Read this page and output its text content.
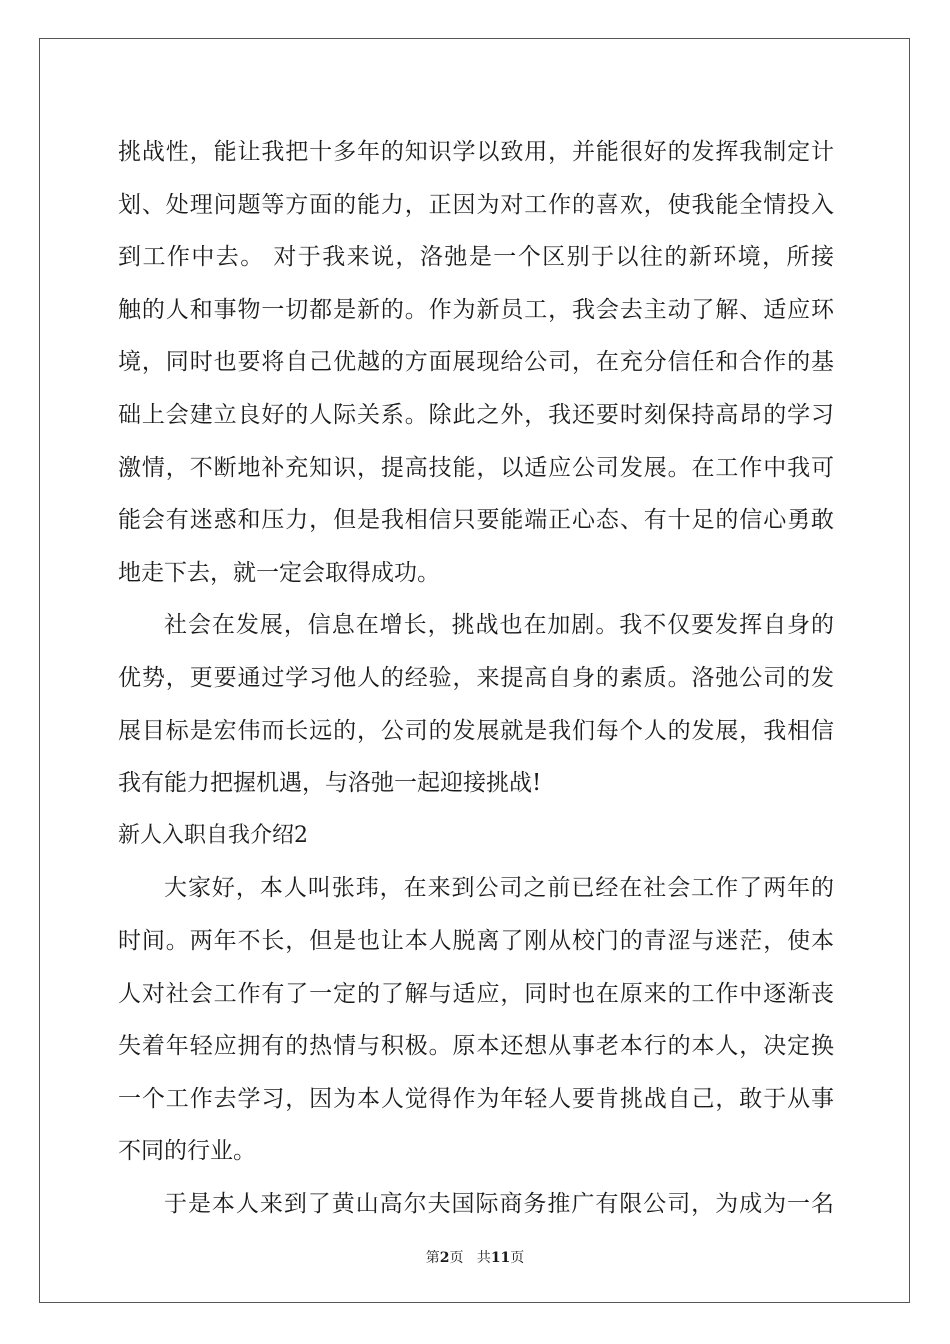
挑战性，能让我把十多年的知识学以致用，并能很好的发挥我制定计
划、处理问题等方面的能力，正因为对工作的喜欢，使我能全情投入
到工作中去。 对于我来说，洛弛是一个区别于以往的新环境，所接
触的人和事物一切都是新的。作为新员工，我会去主动了解、适应环
境，同时也要将自己优越的方面展现给公司，在充分信任和合作的基
础上会建立良好的人际关系。除此之外，我还要时刻保持高昂的学习
激情，不断地补充知识，提高技能，以适应公司发展。在工作中我可
能会有迷惑和压力，但是我相信只要能端正心态、有十足的信心勇敢
地走下去，就一定会取得成功。
社会在发展，信息在增长，挑战也在加剧。我不仅要发挥自身的
优势，更要通过学习他人的经验，来提高自身的素质。洛弛公司的发
展目标是宏伟而长远的，公司的发展就是我们每个人的发展，我相信
我有能力把握机遇，与洛弛一起迎接挑战!
新人入职自我介绍2
大家好，本人叫张玮，在来到公司之前已经在社会工作了两年的
时间。两年不长，但是也让本人脱离了刚从校门的青涩与迷茫，使本
人对社会工作有了一定的了解与适应，同时也在原来的工作中逐渐丧
失着年轻应拥有的热情与积极。原本还想从事老本行的本人，决定换
一个工作去学习，因为本人觉得作为年轻人要肯挑战自己，敢于从事
不同的行业。
于是本人来到了黄山高尔夫国际商务推广有限公司，为成为一名
第2页 共11页
